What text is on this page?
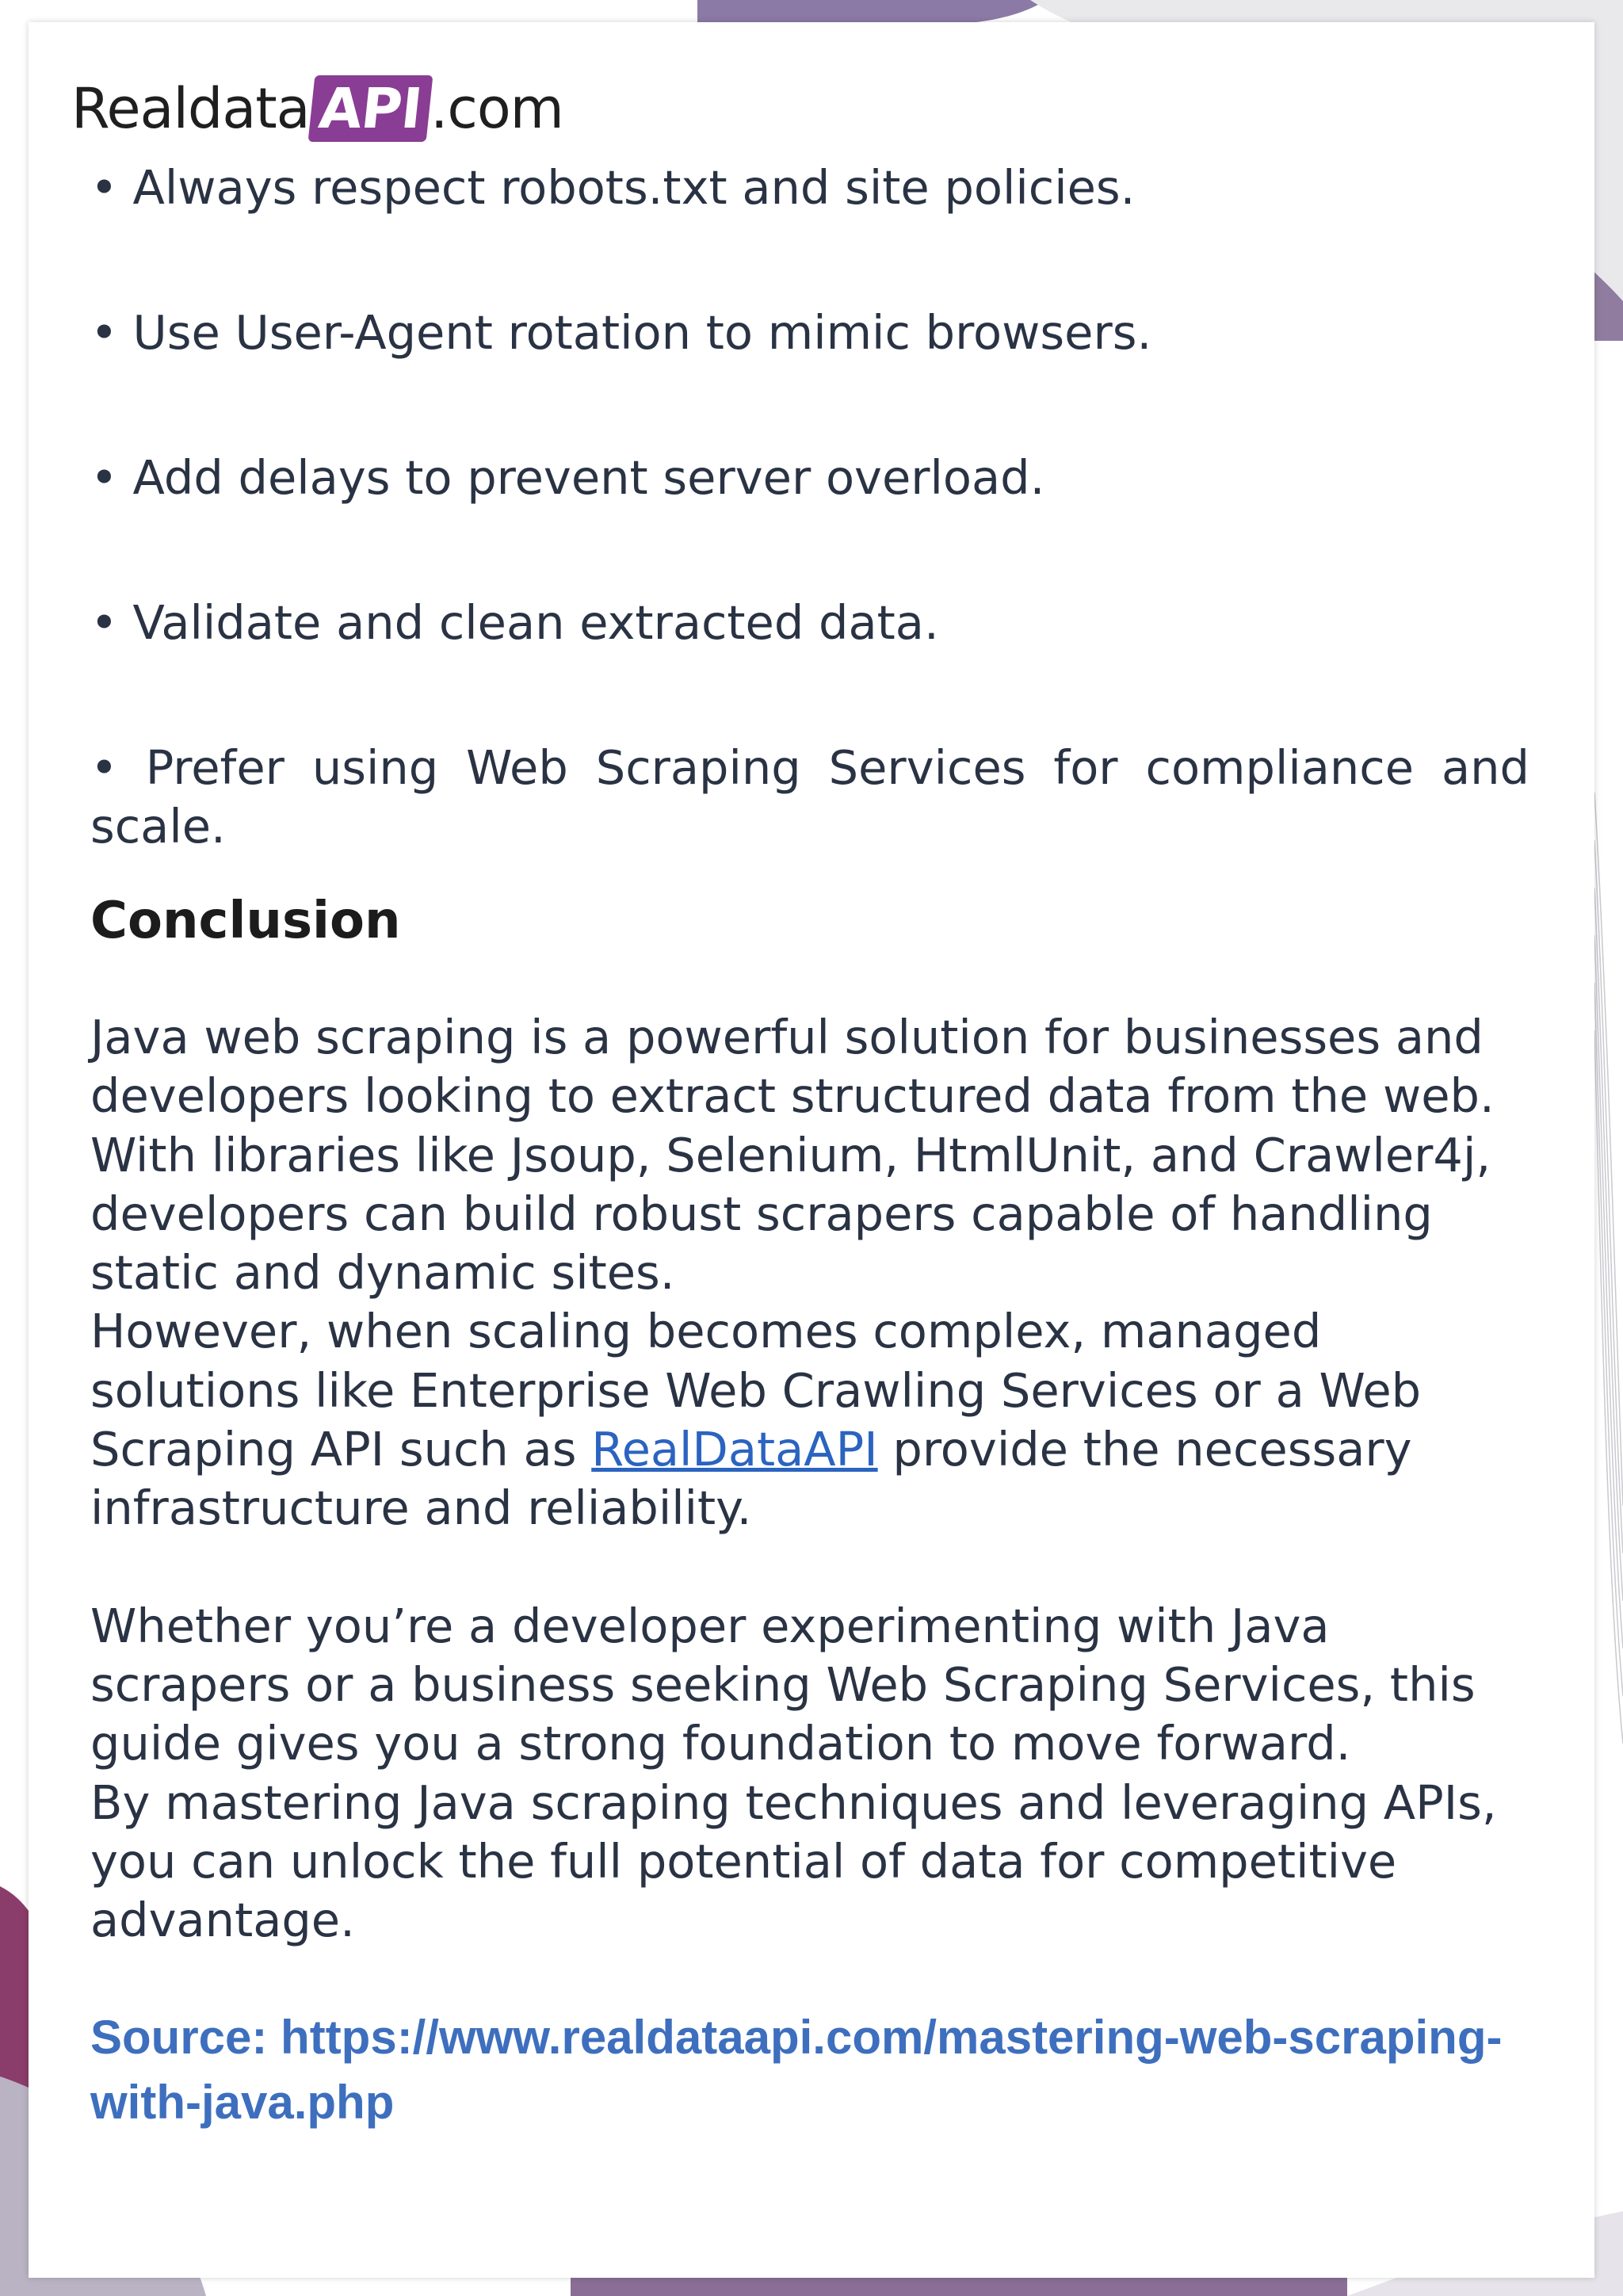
Realdata API .com

• Always respect robots.txt and site policies.

• Use User-Agent rotation to mimic browsers.

• Add delays to prevent server overload.

• Validate and clean extracted data.

• Prefer using Web Scraping Services for compliance and scale.

Conclusion

Java web scraping is a powerful solution for businesses and developers looking to extract structured data from the web. With libraries like Jsoup, Selenium, HtmlUnit, and Crawler4j, developers can build robust scrapers capable of handling static and dynamic sites.
However, when scaling becomes complex, managed solutions like Enterprise Web Crawling Services or a Web Scraping API such as RealDataAPI provide the necessary infrastructure and reliability.

Whether you’re a developer experimenting with Java scrapers or a business seeking Web Scraping Services, this guide gives you a strong foundation to move forward.
By mastering Java scraping techniques and leveraging APIs, you can unlock the full potential of data for competitive advantage.

Source: https://www.realdataapi.com/mastering-web-scraping-with-java.php
